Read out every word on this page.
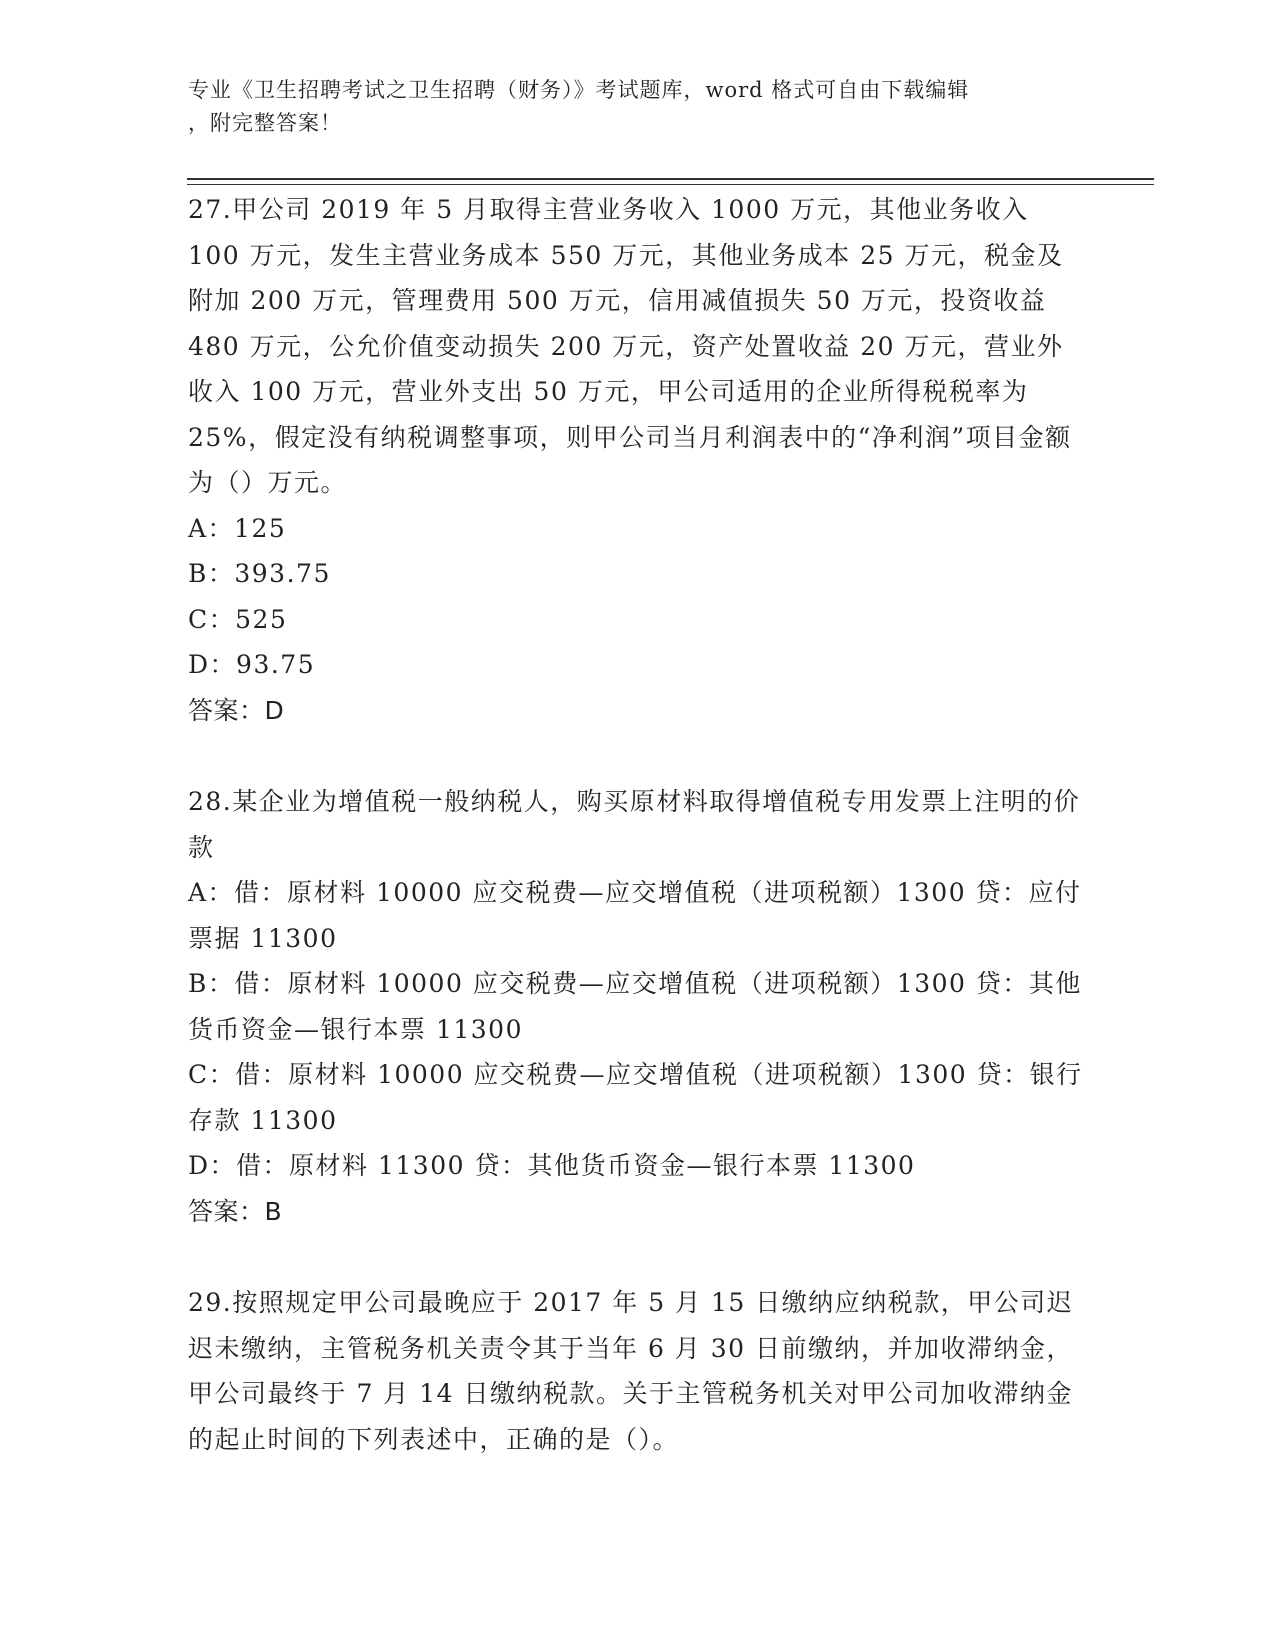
专业《卫生招聘考试之卫生招聘（财务）》考试题库，word 格式可自由下载编辑
，附完整答案！

27.甲公司 2019 年 5 月取得主营业务收入 1000 万元，其他业务收入 100 万元，发生主营业务成本 550 万元，其他业务成本 25 万元，税金及附加 200 万元，管理费用 500 万元，信用减值损失 50 万元，投资收益 480 万元，公允价值变动损失 200 万元，资产处置收益 20 万元，营业外收入 100 万元，营业外支出 50 万元，甲公司适用的企业所得税税率为 25%，假定没有纳税调整事项，则甲公司当月利润表中的“净利润”项目金额为（）万元。

A：125

B：393.75

C：525

D：93.75

答案：D

28.某企业为增值税一般纳税人，购买原材料取得增值税专用发票上注明的价款

A：借：原材料 10000 应交税费—应交增值税（进项税额）1300 贷：应付票据 11300

B：借：原材料 10000 应交税费—应交增值税（进项税额）1300 贷：其他货币资金—银行本票 11300

C：借：原材料 10000 应交税费—应交增值税（进项税额）1300 贷：银行存款 11300

D：借：原材料 11300 贷：其他货币资金—银行本票 11300

答案：B

29.按照规定甲公司最晚应于 2017 年 5 月 15 日缴纳应纳税款，甲公司迟迟未缴纳，主管税务机关责令其于当年 6 月 30 日前缴纳，并加收滞纳金，甲公司最终于 7 月 14 日缴纳税款。关于主管税务机关对甲公司加收滞纳金的起止时间的下列表述中，正确的是（）。
